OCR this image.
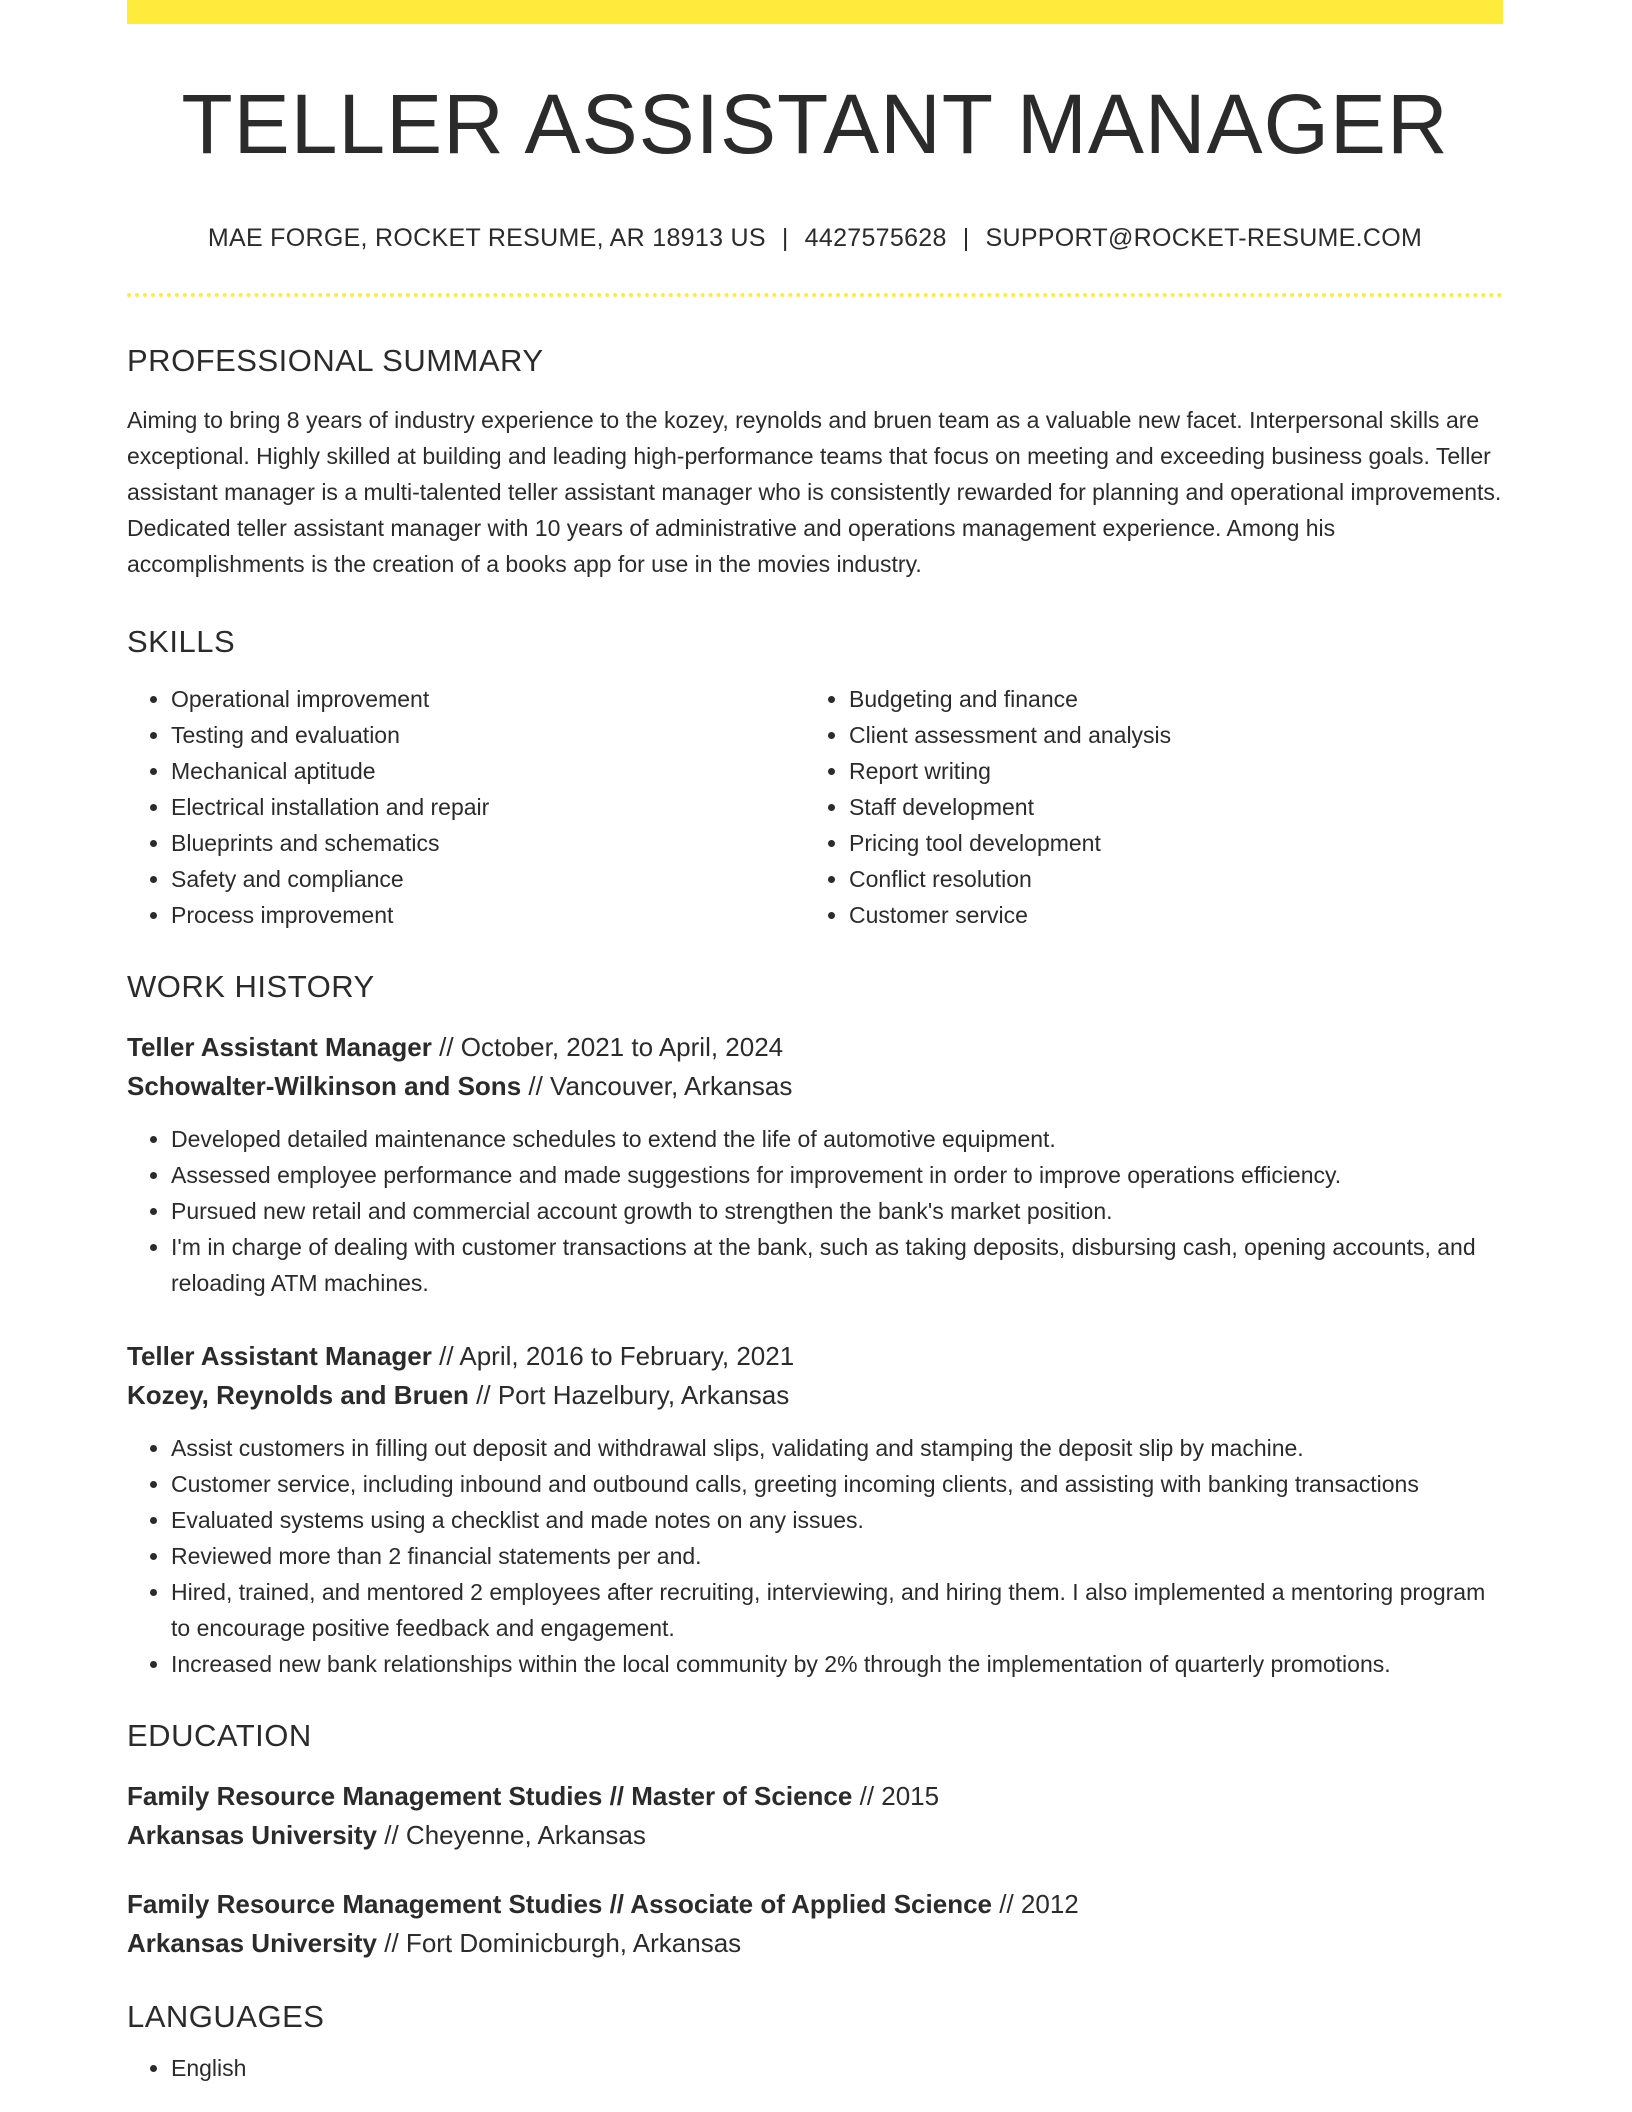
TELLER ASSISTANT MANAGER
MAE FORGE, ROCKET RESUME, AR 18913 US | 4427575628 | SUPPORT@ROCKET-RESUME.COM
PROFESSIONAL SUMMARY

Aiming to bring 8 years of industry experience to the kozey, reynolds and bruen team as a valuable new facet. Interpersonal skills are exceptional. Highly skilled at building and leading high-performance teams that focus on meeting and exceeding business goals. Teller assistant manager is a multi-talented teller assistant manager who is consistently rewarded for planning and operational improvements. Dedicated teller assistant manager with 10 years of administrative and operations management experience. Among his accomplishments is the creation of a books app for use in the movies industry.

SKILLS
• Operational improvement
• Testing and evaluation
• Mechanical aptitude
• Electrical installation and repair
• Blueprints and schematics
• Safety and compliance
• Process improvement
• Budgeting and finance
• Client assessment and analysis
• Report writing
• Staff development
• Pricing tool development
• Conflict resolution
• Customer service
WORK HISTORY
Teller Assistant Manager // October, 2021 to April, 2024
Schowalter-Wilkinson and Sons // Vancouver, Arkansas
• Developed detailed maintenance schedules to extend the life of automotive equipment.
• Assessed employee performance and made suggestions for improvement in order to improve operations efficiency.
• Pursued new retail and commercial account growth to strengthen the bank's market position.
• I'm in charge of dealing with customer transactions at the bank, such as taking deposits, disbursing cash, opening accounts, and reloading ATM machines.
Teller Assistant Manager // April, 2016 to February, 2021
Kozey, Reynolds and Bruen // Port Hazelbury, Arkansas
• Assist customers in filling out deposit and withdrawal slips, validating and stamping the deposit slip by machine.
• Customer service, including inbound and outbound calls, greeting incoming clients, and assisting with banking transactions
• Evaluated systems using a checklist and made notes on any issues.
• Reviewed more than 2 financial statements per and.
• Hired, trained, and mentored 2 employees after recruiting, interviewing, and hiring them. I also implemented a mentoring program to encourage positive feedback and engagement.
• Increased new bank relationships within the local community by 2% through the implementation of quarterly promotions.
EDUCATION
Family Resource Management Studies // Master of Science // 2015
Arkansas University // Cheyenne, Arkansas
Family Resource Management Studies // Associate of Applied Science // 2012
Arkansas University // Fort Dominicburgh, Arkansas
LANGUAGES
• English
